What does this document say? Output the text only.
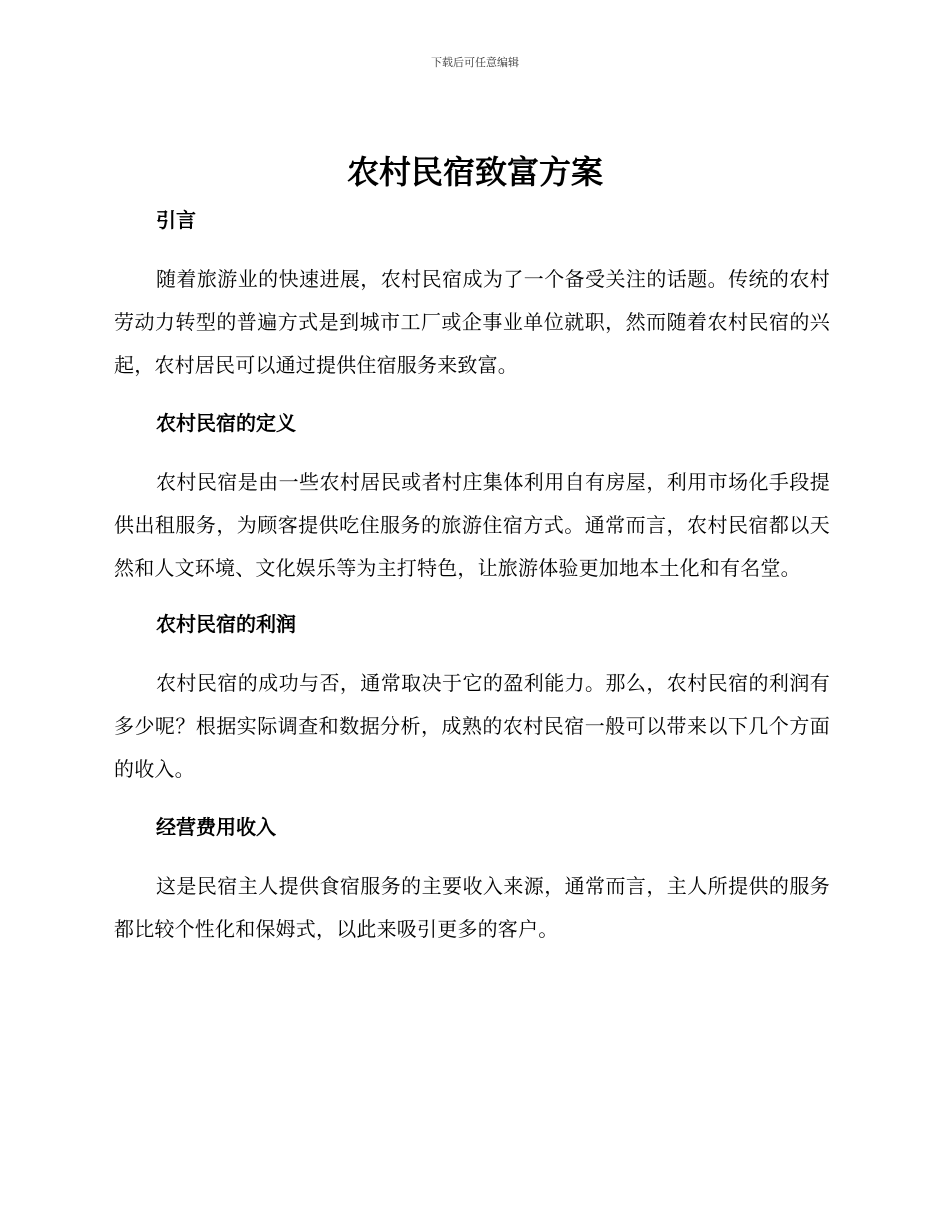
下载后可任意编辑
农村民宿致富方案
引言

随着旅游业的快速进展，农村民宿成为了一个备受关注的话题。传统的农村劳动力转型的普遍方式是到城市工厂或企事业单位就职，然而随着农村民宿的兴起，农村居民可以通过提供住宿服务来致富。

农村民宿的定义

农村民宿是由一些农村居民或者村庄集体利用自有房屋，利用市场化手段提供出租服务，为顾客提供吃住服务的旅游住宿方式。通常而言，农村民宿都以天然和人文环境、文化娱乐等为主打特色，让旅游体验更加地本土化和有名堂。

农村民宿的利润

农村民宿的成功与否，通常取决于它的盈利能力。那么，农村民宿的利润有多少呢？根据实际调查和数据分析，成熟的农村民宿一般可以带来以下几个方面的收入。

经营费用收入

这是民宿主人提供食宿服务的主要收入来源，通常而言，主人所提供的服务都比较个性化和保姆式，以此来吸引更多的客户。
